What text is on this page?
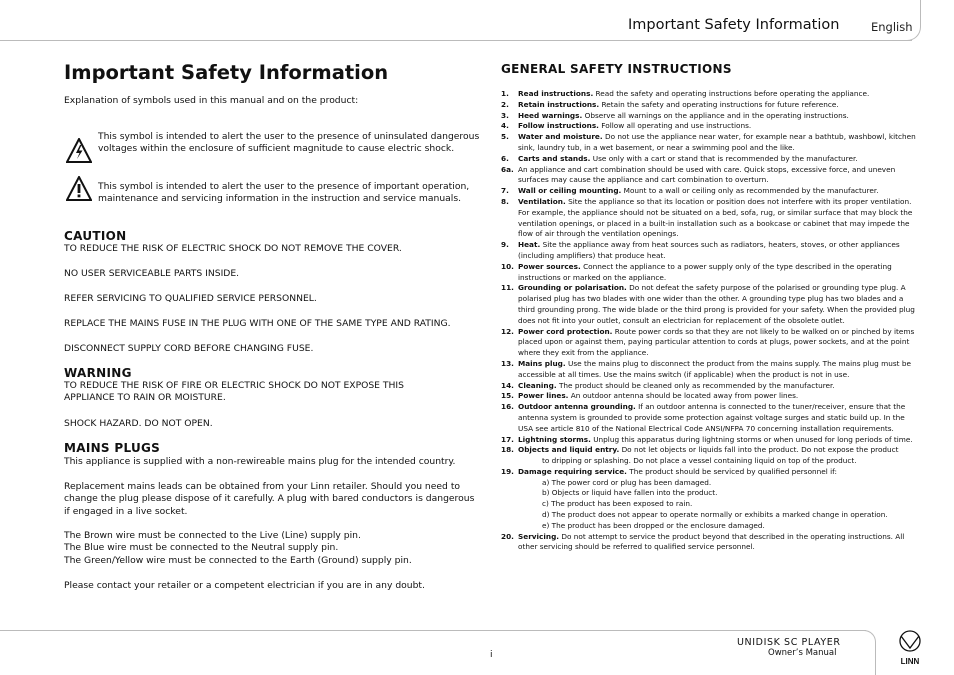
Important Safety Information	English
Important Safety Information
Explanation of symbols used in this manual and on the product:
This symbol is intended to alert the user to the presence of uninsulated dangerous voltages within the enclosure of sufficient magnitude to cause electric shock.
This symbol is intended to alert the user to the presence of important operation, maintenance and servicing information in the instruction and service manuals.
CAUTION
TO REDUCE THE RISK OF ELECTRIC SHOCK DO NOT REMOVE THE COVER.
NO USER SERVICEABLE PARTS INSIDE.
REFER SERVICING TO QUALIFIED SERVICE PERSONNEL.
REPLACE THE MAINS FUSE IN THE PLUG WITH ONE OF THE SAME TYPE AND RATING.
DISCONNECT SUPPLY CORD BEFORE CHANGING FUSE.
WARNING
TO REDUCE THE RISK OF FIRE OR ELECTRIC SHOCK DO NOT EXPOSE THIS APPLIANCE TO RAIN OR MOISTURE.
SHOCK HAZARD. DO NOT OPEN.
MAINS PLUGS
This appliance is supplied with a non-rewireable mains plug for the intended country.
Replacement mains leads can be obtained from your Linn retailer. Should you need to change the plug please dispose of it carefully. A plug with bared conductors is dangerous if engaged in a live socket.
The Brown wire must be connected to the Live (Line) supply pin.
The Blue wire must be connected to the Neutral supply pin.
The Green/Yellow wire must be connected to the Earth (Ground) supply pin.
Please contact your retailer or a competent electrician if you are in any doubt.
GENERAL SAFETY INSTRUCTIONS
1. Read instructions. Read the safety and operating instructions before operating the appliance.
2. Retain instructions. Retain the safety and operating instructions for future reference.
3. Heed warnings. Observe all warnings on the appliance and in the operating instructions.
4. Follow instructions. Follow all operating and use instructions.
5. Water and moisture. Do not use the appliance near water, for example near a bathtub, washbowl, kitchen sink, laundry tub, in a wet basement, or near a swimming pool and the like.
6. Carts and stands. Use only with a cart or stand that is recommended by the manufacturer.
6a. An appliance and cart combination should be used with care. Quick stops, excessive force, and uneven surfaces may cause the appliance and cart combination to overturn.
7. Wall or ceiling mounting. Mount to a wall or ceiling only as recommended by the manufacturer.
8. Ventilation. Site the appliance so that its location or position does not interfere with its proper ventilation. For example, the appliance should not be situated on a bed, sofa, rug, or similar surface that may block the ventilation openings, or placed in a built-in installation such as a bookcase or cabinet that may impede the flow of air through the ventilation openings.
9. Heat. Site the appliance away from heat sources such as radiators, heaters, stoves, or other appliances (including amplifiers) that produce heat.
10. Power sources. Connect the appliance to a power supply only of the type described in the operating instructions or marked on the appliance.
11. Grounding or polarisation. Do not defeat the safety purpose of the polarised or grounding type plug. A polarised plug has two blades with one wider than the other. A grounding type plug has two blades and a third grounding prong. The wide blade or the third prong is provided for your safety. When the provided plug does not fit into your outlet, consult an electrician for replacement of the obsolete outlet.
12. Power cord protection. Route power cords so that they are not likely to be walked on or pinched by items placed upon or against them, paying particular attention to cords at plugs, power sockets, and at the point where they exit from the appliance.
13. Mains plug. Use the mains plug to disconnect the product from the mains supply. The mains plug must be accessible at all times. Use the mains switch (if applicable) when the product is not in use.
14. Cleaning. The product should be cleaned only as recommended by the manufacturer.
15. Power lines. An outdoor antenna should be located away from power lines.
16. Outdoor antenna grounding. If an outdoor antenna is connected to the tuner/receiver, ensure that the antenna system is grounded to provide some protection against voltage surges and static build up. In the USA see article 810 of the National Electrical Code ANSI/NFPA 70 concerning installation requirements.
17. Lightning storms. Unplug this apparatus during lightning storms or when unused for long periods of time.
18. Objects and liquid entry. Do not let objects or liquids fall into the product. Do not expose the product
to dripping or splashing. Do not place a vessel containing liquid on top of the product.
19. Damage requiring service. The product should be serviced by qualified personnel if:
a) The power cord or plug has been damaged.
b) Objects or liquid have fallen into the product.
c) The product has been exposed to rain.
d) The product does not appear to operate normally or exhibits a marked change in operation.
e) The product has been dropped or the enclosure damaged.
20. Servicing. Do not attempt to service the product beyond that described in the operating instructions. All other servicing should be referred to qualified service personnel.
i
UNIDISK SC PLAYER
Owner’s Manual
LINN
